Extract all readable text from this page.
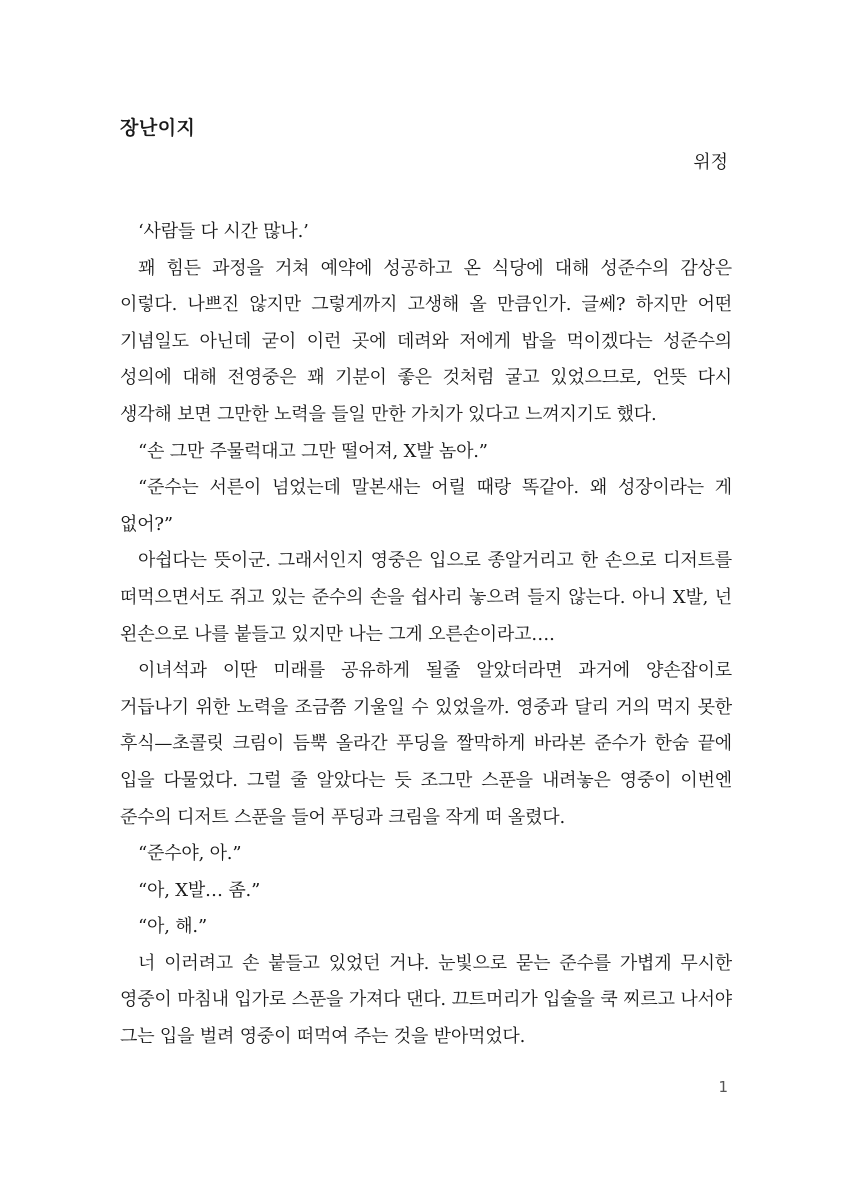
장난이지
위정

‘사람들 다 시간 많나.’

꽤 힘든 과정을 거쳐 예약에 성공하고 온 식당에 대해 성준수의 감상은 이렇다. 나쁘진 않지만 그렇게까지 고생해 올 만큼인가. 글쎄? 하지만 어떤 기념일도 아닌데 굳이 이런 곳에 데려와 저에게 밥을 먹이겠다는 성준수의 성의에 대해 전영중은 꽤 기분이 좋은 것처럼 굴고 있었으므로, 언뜻 다시 생각해 보면 그만한 노력을 들일 만한 가치가 있다고 느껴지기도 했다.

“손 그만 주물럭대고 그만 떨어져, X발 놈아.”

“준수는 서른이 넘었는데 말본새는 어릴 때랑 똑같아. 왜 성장이라는 게 없어?”

아쉽다는 뜻이군. 그래서인지 영중은 입으로 종알거리고 한 손으로 디저트를 떠먹으면서도 쥐고 있는 준수의 손을 쉽사리 놓으려 들지 않는다. 아니 X발, 넌 왼손으로 나를 붙들고 있지만 나는 그게 오른손이라고….

이녀석과 이딴 미래를 공유하게 될줄 알았더라면 과거에 양손잡이로 거듭나기 위한 노력을 조금쯤 기울일 수 있었을까. 영중과 달리 거의 먹지 못한 후식—초콜릿 크림이 듬뿍 올라간 푸딩을 짤막하게 바라본 준수가 한숨 끝에 입을 다물었다. 그럴 줄 알았다는 듯 조그만 스푼을 내려놓은 영중이 이번엔 준수의 디저트 스푼을 들어 푸딩과 크림을 작게 떠 올렸다.

“준수야, 아.”

“아, X발… 좀.”

“아, 해.”

너 이러려고 손 붙들고 있었던 거냐. 눈빛으로 묻는 준수를 가볍게 무시한 영중이 마침내 입가로 스푼을 가져다 댄다. 끄트머리가 입술을 쿡 찌르고 나서야 그는 입을 벌려 영중이 떠먹여 주는 것을 받아먹었다.

1
